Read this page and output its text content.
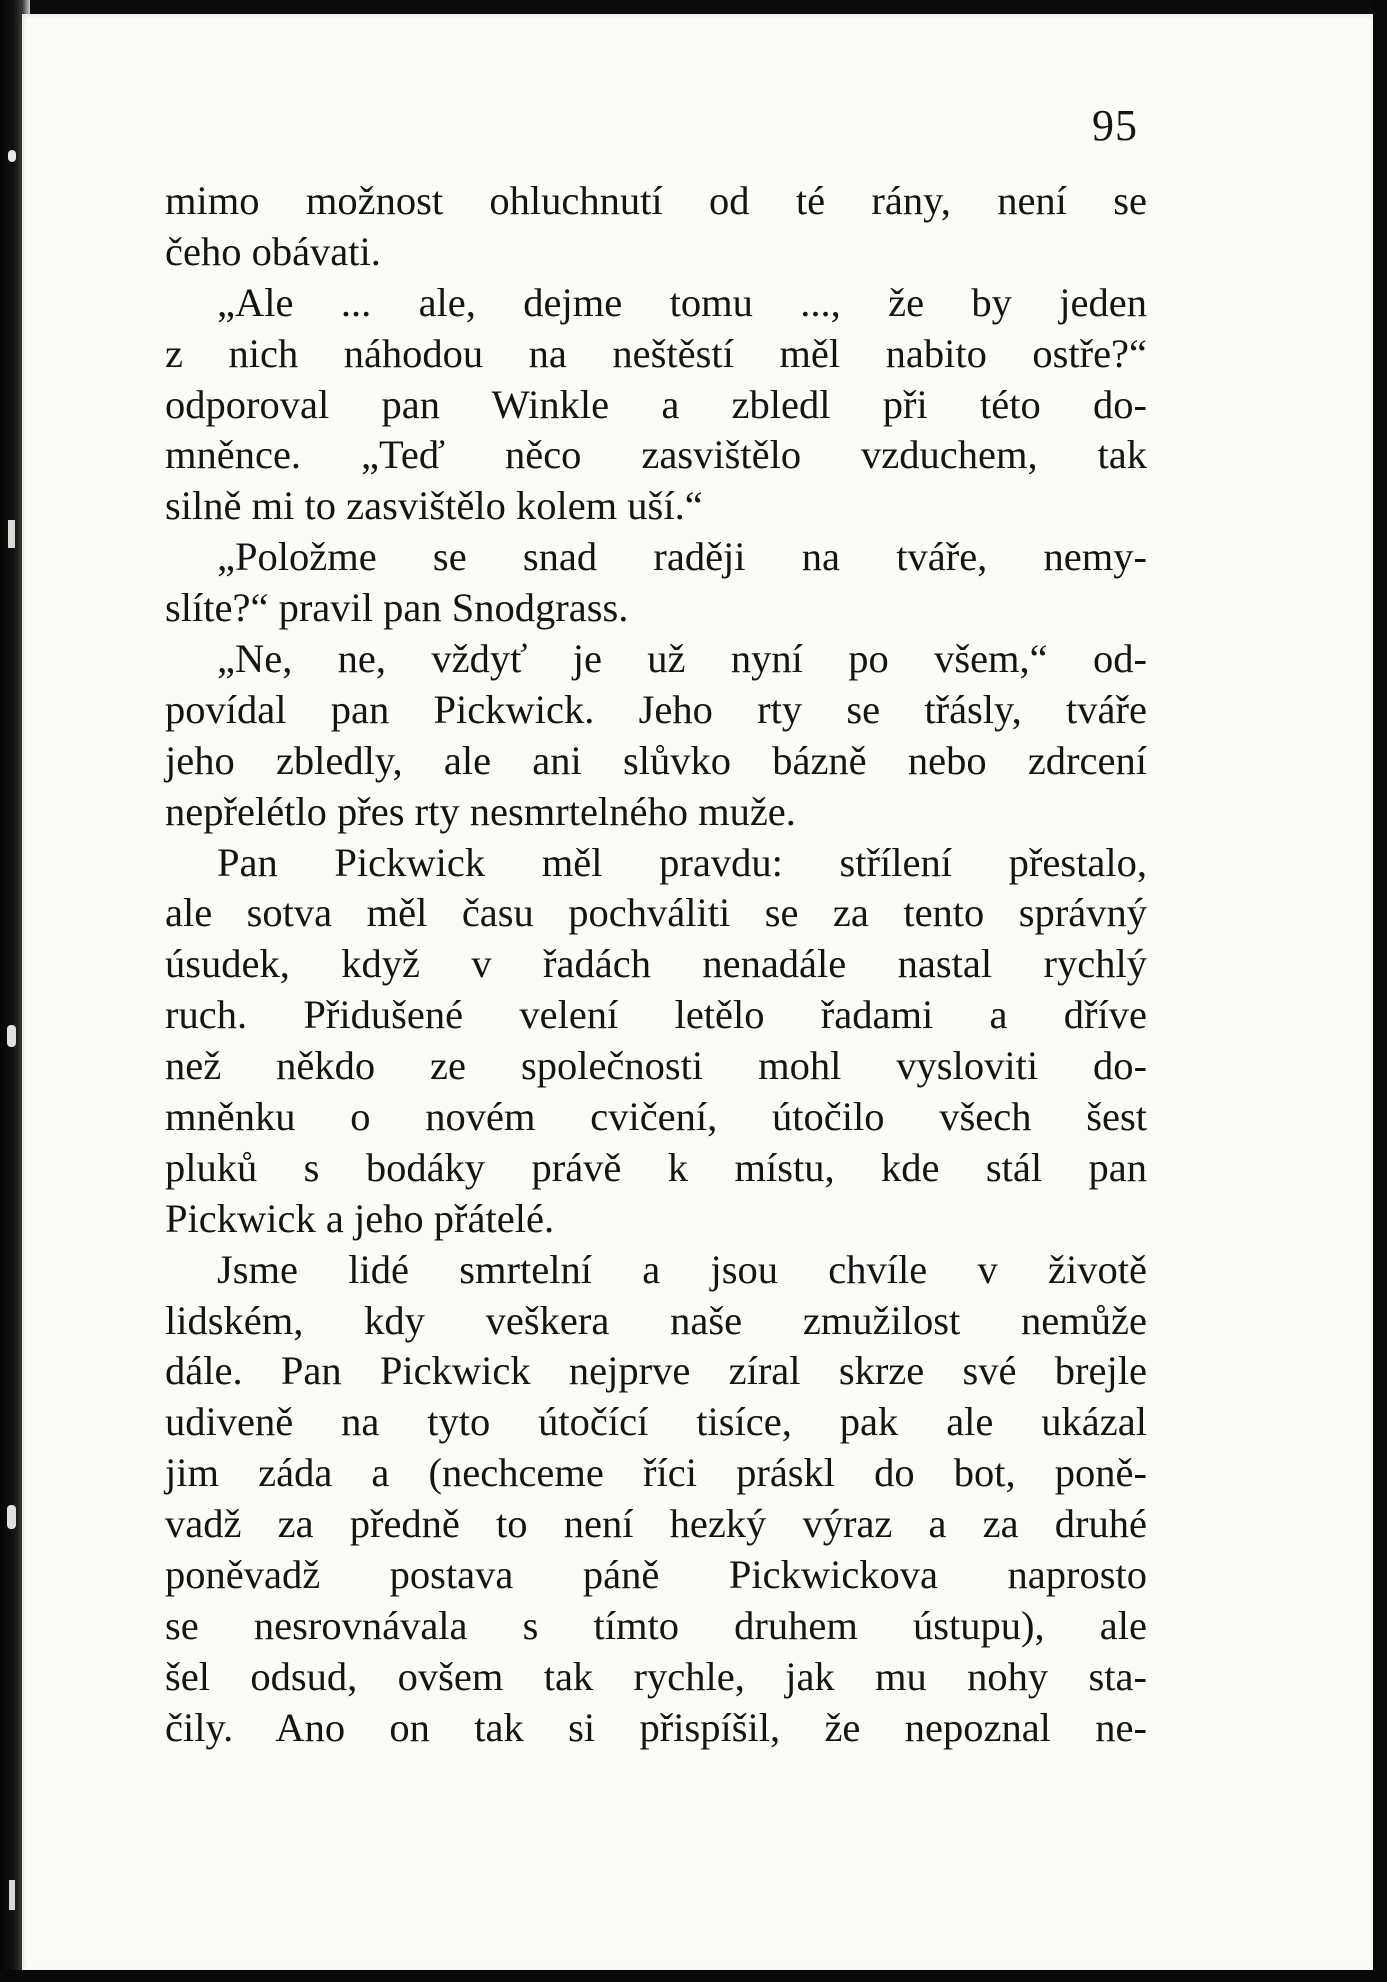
95
mimo možnost ohluchnutí od té rány, není se
čeho obávati.
„Ale ... ale, dejme tomu ..., že by jeden
z nich náhodou na neštěstí měl nabito ostře?“
odporoval pan Winkle a zbledl při této do-
mněnce. „Teď něco zasvištělo vzduchem, tak
silně mi to zasvištělo kolem uší.“
„Položme se snad raději na tváře, nemy-
slíte?“ pravil pan Snodgrass.
„Ne, ne, vždyť je už nyní po všem,“ od-
povídal pan Pickwick. Jeho rty se třásly, tváře
jeho zbledly, ale ani slůvko bázně nebo zdrcení
nepřelétlo přes rty nesmrtelného muže.
Pan Pickwick měl pravdu: střílení přestalo,
ale sotva měl času pochváliti se za tento správný
úsudek, když v řadách nenadále nastal rychlý
ruch. Přidušené velení letělo řadami a dříve
než někdo ze společnosti mohl vysloviti do-
mněnku o novém cvičení, útočilo všech šest
pluků s bodáky právě k místu, kde stál pan
Pickwick a jeho přátelé.
Jsme lidé smrtelní a jsou chvíle v životě
lidském, kdy veškera naše zmužilost nemůže
dále. Pan Pickwick nejprve zíral skrze své brejle
udiveně na tyto útočící tisíce, pak ale ukázal
jim záda a (nechceme říci práskl do bot, poně-
vadž za předně to není hezký výraz a za druhé
poněvadž postava páně Pickwickova naprosto
se nesrovnávala s tímto druhem ústupu), ale
šel odsud, ovšem tak rychle, jak mu nohy sta-
čily. Ano on tak si přispíšil, že nepoznal ne-
